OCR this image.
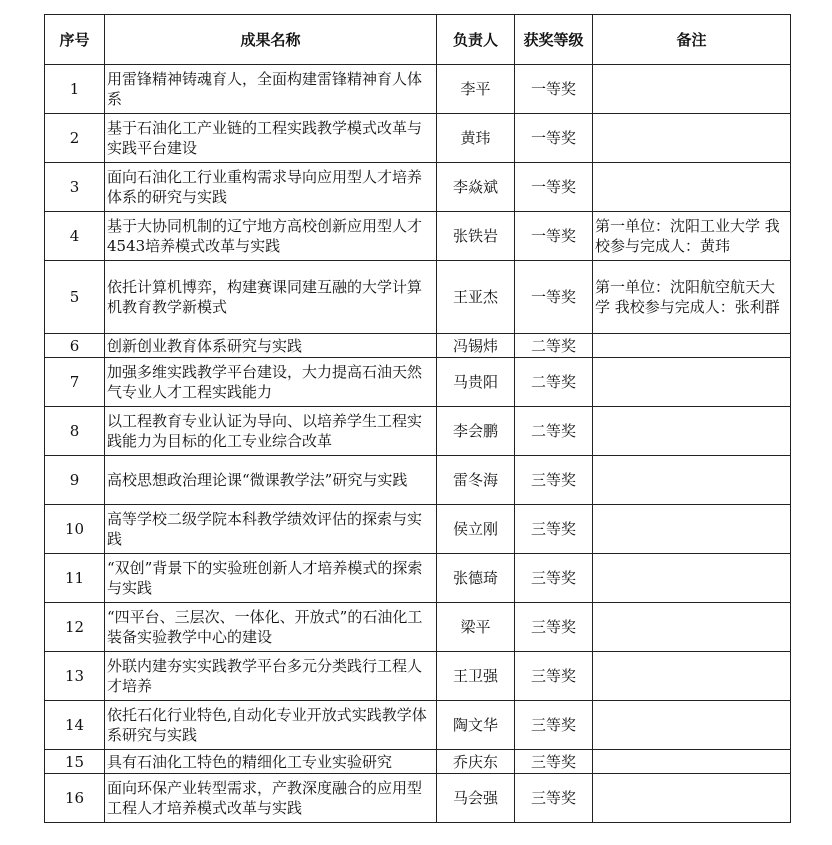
序号	成果名称	负责人	获奖等级	备注
1	用雷锋精神铸魂育人，全面构建雷锋精神育人体系	李平	一等奖	
2	基于石油化工产业链的工程实践教学模式改革与实践平台建设	黄玮	一等奖	
3	面向石油化工行业重构需求导向应用型人才培养体系的研究与实践	李焱斌	一等奖	
4	基于大协同机制的辽宁地方高校创新应用型人才4543培养模式改革与实践	张铁岩	一等奖	第一单位：沈阳工业大学 我校参与完成人：黄玮
5	依托计算机博弈，构建赛课同建互融的大学计算机教育教学新模式	王亚杰	一等奖	第一单位：沈阳航空航天大学 我校参与完成人：张利群
6	创新创业教育体系研究与实践	冯锡炜	二等奖	
7	加强多维实践教学平台建设，大力提高石油天然气专业人才工程实践能力	马贵阳	二等奖	
8	以工程教育专业认证为导向、以培养学生工程实践能力为目标的化工专业综合改革	李会鹏	二等奖	
9	高校思想政治理论课“微课教学法”研究与实践	雷冬海	三等奖	
10	高等学校二级学院本科教学绩效评估的探索与实践	侯立刚	三等奖	
11	“双创”背景下的实验班创新人才培养模式的探索与实践	张德琦	三等奖	
12	“四平台、三层次、一体化、开放式”的石油化工装备实验教学中心的建设	梁平	三等奖	
13	外联内建夯实实践教学平台多元分类践行工程人才培养	王卫强	三等奖	
14	依托石化行业特色,自动化专业开放式实践教学体系研究与实践	陶文华	三等奖	
15	具有石油化工特色的精细化工专业实验研究	乔庆东	三等奖	
16	面向环保产业转型需求，产教深度融合的应用型工程人才培养模式改革与实践	马会强	三等奖	
